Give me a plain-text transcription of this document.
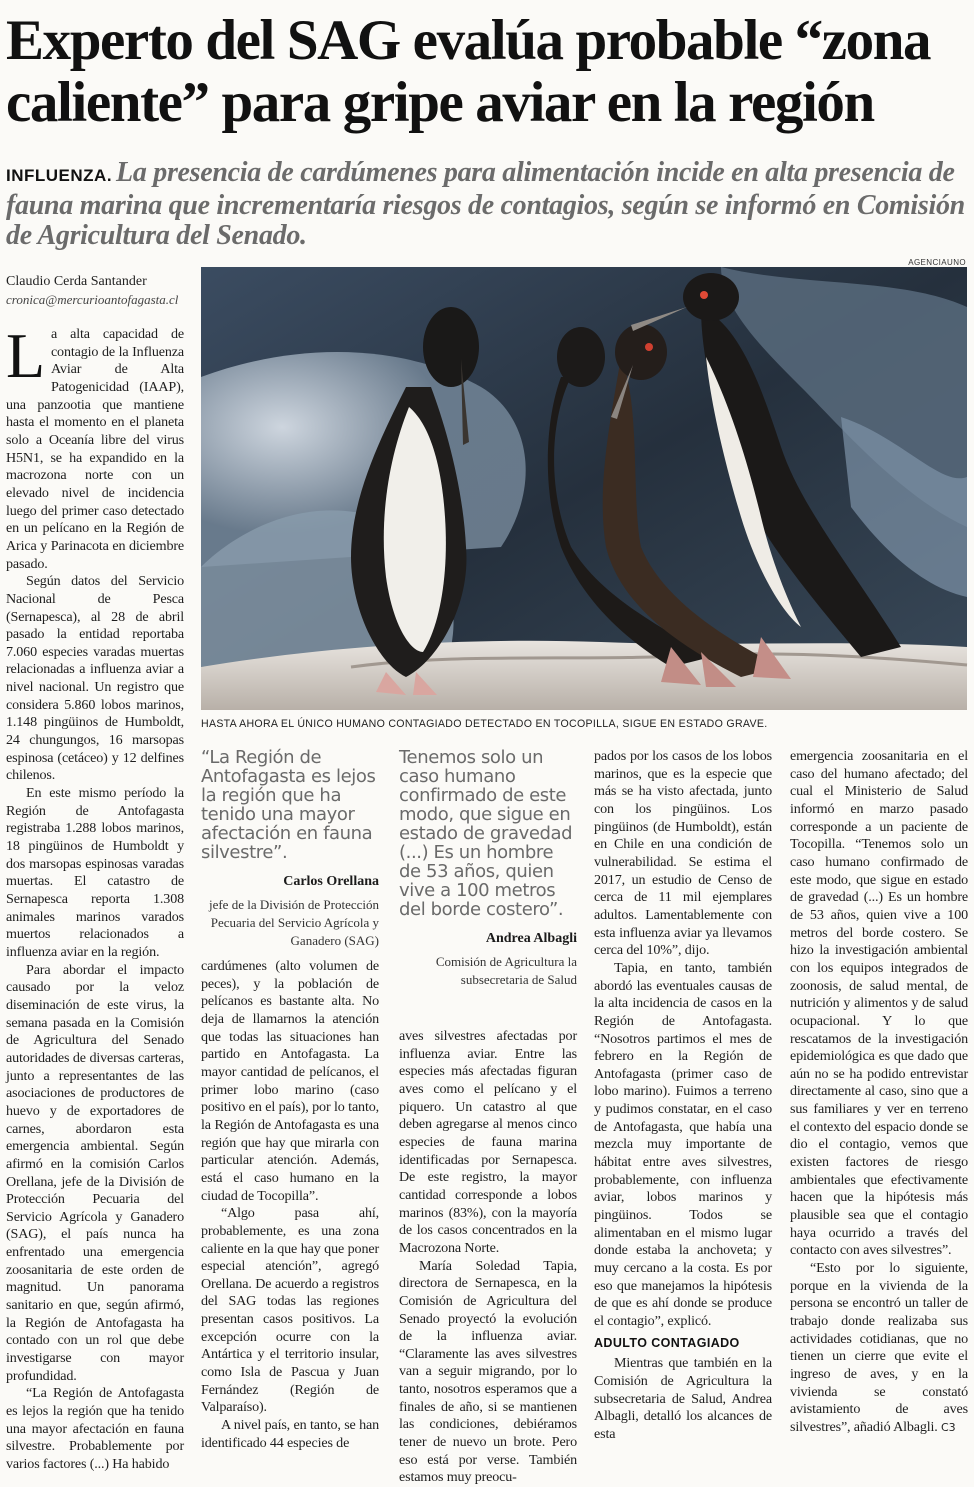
Experto del SAG evalúa probable “zona caliente” para gripe aviar en la región
INFLUENZA. La presencia de cardúmenes para alimentación incide en alta presencia de fauna marina que incrementaría riesgos de contagios, según se informó en Comisión de Agricultura del Senado.
Claudio Cerda Santander
cronica@mercurioantofagasta.cl

La alta capacidad de contagio de la Influenza Aviar de Alta Patogenicidad (IAAP), una panzootia que mantiene hasta el momento en el planeta solo a Oceanía libre del virus H5N1, se ha expandido en la macrozona norte con un elevado nivel de incidencia luego del primer caso detectado en un pelícano en la Región de Arica y Parinacota en diciembre pasado.

Según datos del Servicio Nacional de Pesca (Sernapesca), al 28 de abril pasado la entidad reportaba 7.060 especies varadas muertas relacionadas a influenza aviar a nivel nacional. Un registro que considera 5.860 lobos marinos, 1.148 pingüinos de Humboldt, 24 chungungos, 16 marsopas espinosa (cetáceo) y 12 delfines chilenos.

En este mismo período la Región de Antofagasta registraba 1.288 lobos marinos, 18 pingüinos de Humboldt y dos marsopas espinosas varadas muertas. El catastro de Sernapesca reporta 1.308 animales marinos varados muertos relacionados a influenza aviar en la región.

Para abordar el impacto causado por la veloz diseminación de este virus, la semana pasada en la Comisión de Agricultura del Senado autoridades de diversas carteras, junto a representantes de las asociaciones de productores de huevo y de exportadores de carnes, abordaron esta emergencia ambiental. Según afirmó en la comisión Carlos Orellana, jefe de la División de Protección Pecuaria del Servicio Agrícola y Ganadero (SAG), el país nunca ha enfrentado una emergencia zoosanitaria de este orden de magnitud. Un panorama sanitario en que, según afirmó, la Región de Antofagasta ha contado con un rol que debe investigarse con mayor profundidad.

“La Región de Antofagasta es lejos la región que ha tenido una mayor afectación en fauna silvestre. Probablemente por varios factores (...) Ha habido

AGENCIAUNO
HASTA AHORA EL ÚNICO HUMANO CONTAGIADO DETECTADO EN TOCOPILLA, SIGUE EN ESTADO GRAVE.
“La Región de Antofagasta es lejos la región que ha tenido una mayor afectación en fauna silvestre”.
Carlos Orellana
jefe de la División de Protección Pecuaria del Servicio Agrícola y Ganadero (SAG)
Tenemos solo un caso humano confirmado de este modo, que sigue en estado de gravedad (...) Es un hombre de 53 años, quien vive a 100 metros del borde costero”.
Andrea Albagli
Comisión de Agricultura la subsecretaria de Salud

cardúmenes (alto volumen de peces), y la población de pelícanos es bastante alta. No deja de llamarnos la atención que todas las situaciones han partido en Antofagasta. La mayor cantidad de pelícanos, el primer lobo marino (caso positivo en el país), por lo tanto, la Región de Antofagasta es una región que hay que mirarla con particular atención. Además, está el caso humano en la ciudad de Tocopilla”.

“Algo pasa ahí, probablemente, es una zona caliente en la que hay que poner especial atención”, agregó Orellana. De acuerdo a registros del SAG todas las regiones presentan casos positivos. La excepción ocurre con la Antártica y el territorio insular, como Isla de Pascua y Juan Fernández (Región de Valparaíso).

A nivel país, en tanto, se han identificado 44 especies de

aves silvestres afectadas por influenza aviar. Entre las especies más afectadas figuran aves como el pelícano y el piquero. Un catastro al que deben agregarse al menos cinco especies de fauna marina identificadas por Sernapesca. De este registro, la mayor cantidad corresponde a lobos marinos (83%), con la mayoría de los casos concentrados en la Macrozona Norte.

María Soledad Tapia, directora de Sernapesca, en la Comisión de Agricultura del Senado proyectó la evolución de la influenza aviar. “Claramente las aves silvestres van a seguir migrando, por lo tanto, nosotros esperamos que a finales de año, si se mantienen las condiciones, debiéramos tener de nuevo un brote. Pero eso está por verse. También estamos muy preocu-

pados por los casos de los lobos marinos, que es la especie que más se ha visto afectada, junto con los pingüinos. Los pingüinos (de Humboldt), están en Chile en una condición de vulnerabilidad. Se estima el 2017, un estudio de Censo de cerca de 11 mil ejemplares adultos. Lamentablemente con esta influenza aviar ya llevamos cerca del 10%”, dijo.

Tapia, en tanto, también abordó las eventuales causas de la alta incidencia de casos en la Región de Antofagasta. “Nosotros partimos el mes de febrero en la Región de Antofagasta (primer caso de lobo marino). Fuimos a terreno y pudimos constatar, en el caso de Antofagasta, que había una mezcla muy importante de hábitat entre aves silvestres, probablemente, con influenza aviar, lobos marinos y pingüinos. Todos se alimentaban en el mismo lugar donde estaba la anchoveta; y muy cercano a la costa. Es por eso que manejamos la hipótesis de que es ahí donde se produce el contagio”, explicó.

ADULTO CONTAGIADO

Mientras que también en la Comisión de Agricultura la subsecretaria de Salud, Andrea Albagli, detalló los alcances de esta

emergencia zoosanitaria en el caso del humano afectado; del cual el Ministerio de Salud informó en marzo pasado corresponde a un paciente de Tocopilla. “Tenemos solo un caso humano confirmado de este modo, que sigue en estado de gravedad (...) Es un hombre de 53 años, quien vive a 100 metros del borde costero. Se hizo la investigación ambiental con los equipos integrados de zoonosis, de salud mental, de nutrición y alimentos y de salud ocupacional. Y lo que rescatamos de la investigación epidemiológica es que dado que aún no se ha podido entrevistar directamente al caso, sino que a sus familiares y ver en terreno el contexto del espacio donde se dio el contagio, vemos que existen factores de riesgo ambientales que efectivamente hacen que la hipótesis más plausible sea que el contagio haya ocurrido a través del contacto con aves silvestres”.

“Esto por lo siguiente, porque en la vivienda de la persona se encontró un taller de trabajo donde realizaba sus actividades cotidianas, que no tienen un cierre que evite el ingreso de aves, y en la vivienda se constató avistamiento de aves silvestres”, añadió Albagli. C3
